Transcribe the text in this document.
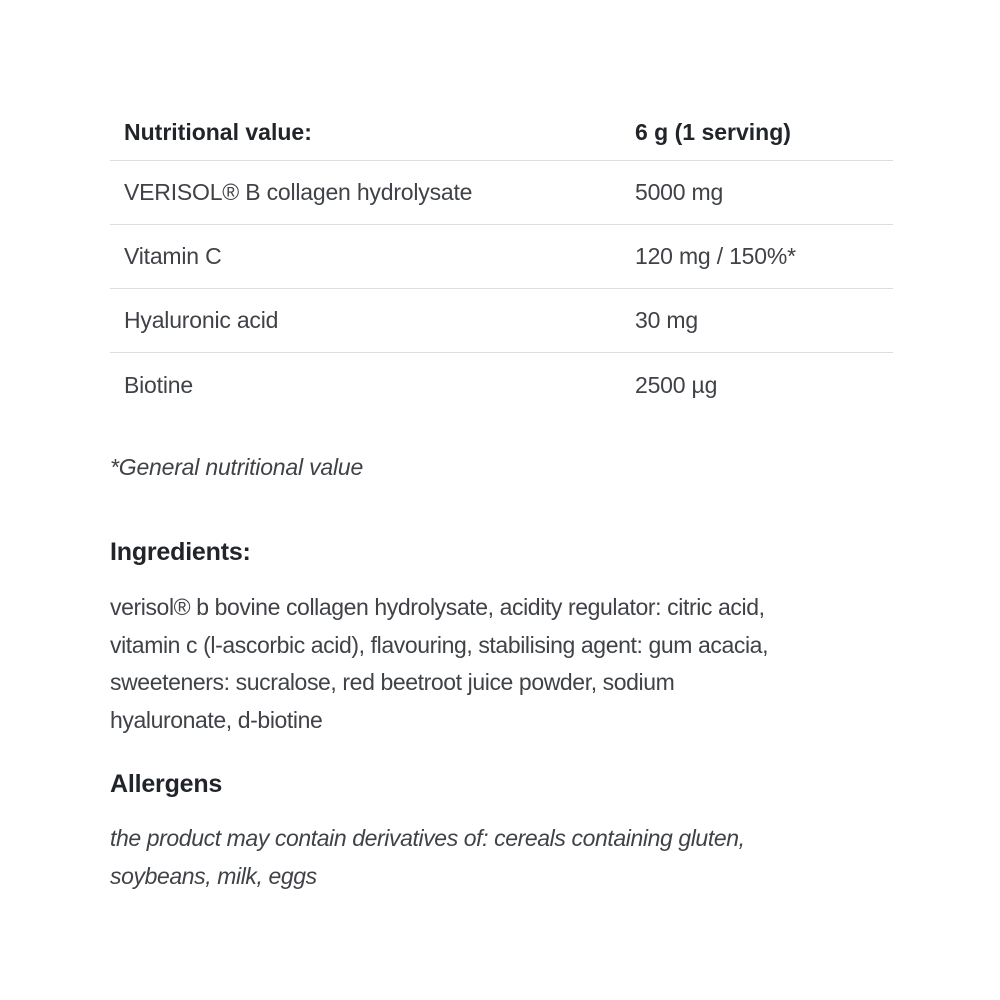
Nutritional value:	6 g (1 serving)
VERISOL® B collagen hydrolysate	5000 mg
Vitamin C	120 mg / 150%*
Hyaluronic acid	30 mg
Biotine	2500 µg
*General nutritional value
Ingredients:
verisol® b bovine collagen hydrolysate, acidity regulator: citric acid,
vitamin c (l-ascorbic acid), flavouring, stabilising agent: gum acacia,
sweeteners: sucralose, red beetroot juice powder, sodium
hyaluronate, d-biotine
Allergens
the product may contain derivatives of: cereals containing gluten,
soybeans, milk, eggs
